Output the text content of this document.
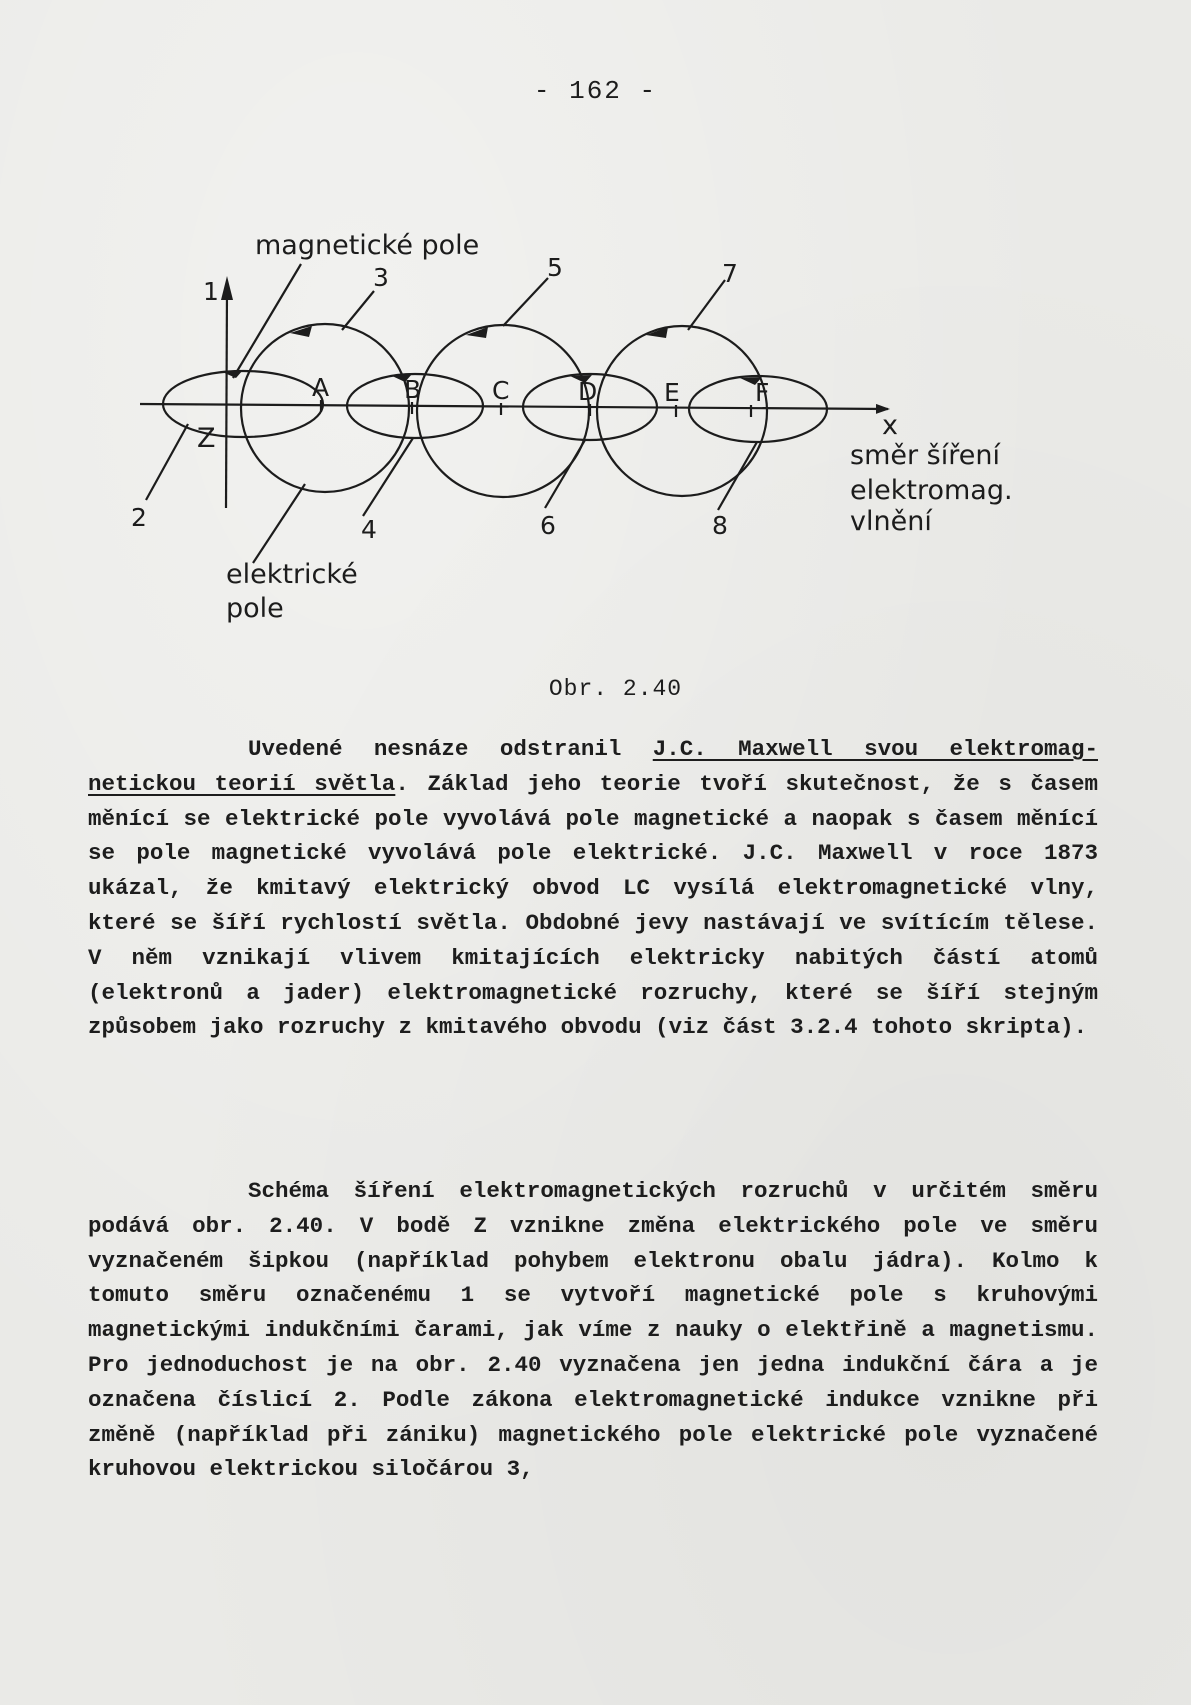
- 162 -
magnetické pole
elektrické
pole
x
směr šíření
elektromag.
vlnění
Z
1
2
3
4
5
6
7
8
A	B	C	D	E	F
Obr. 2.40

Uvedené nesnáze odstranil J.C. Maxwell svou elektromag- netickou teorií světla. Základ jeho teorie tvoří skutečnost, že s časem měnící se elektrické pole vyvolává pole magnetické a naopak s časem měnící se pole magnetické vyvolává pole elektrické. J.C. Maxwell v roce 1873 ukázal, že kmitavý elektrický obvod LC vysílá elektromagnetické vlny, které se šíří rychlostí světla. Obdobné jevy nastávají ve svítícím tělese. V něm vznikají vlivem kmitajících elektricky nabitých částí atomů (elektronů a jader) elektromagnetické rozruchy, které se šíří stejným způsobem jako rozruchy z kmitavého obvodu (viz část 3.2.4 tohoto skripta).

Schéma šíření elektromagnetických rozruchů v určitém směru podává obr. 2.40. V bodě Z vznikne změna elektrického pole ve směru vyznačeném šipkou (například pohybem elektronu obalu jádra). Kolmo k tomuto směru označenému 1 se vytvoří magnetické pole s kruhovými magnetickými indukčními čarami, jak víme z nauky o elektřině a magnetismu. Pro jednoduchost je na obr. 2.40 vyznačena jen jedna indukční čára a je označena číslicí 2. Podle zákona elektromagnetické indukce vznikne při změně (například při zániku) magnetického pole elektrické pole vyznačené kruhovou elektrickou siločárou 3,
